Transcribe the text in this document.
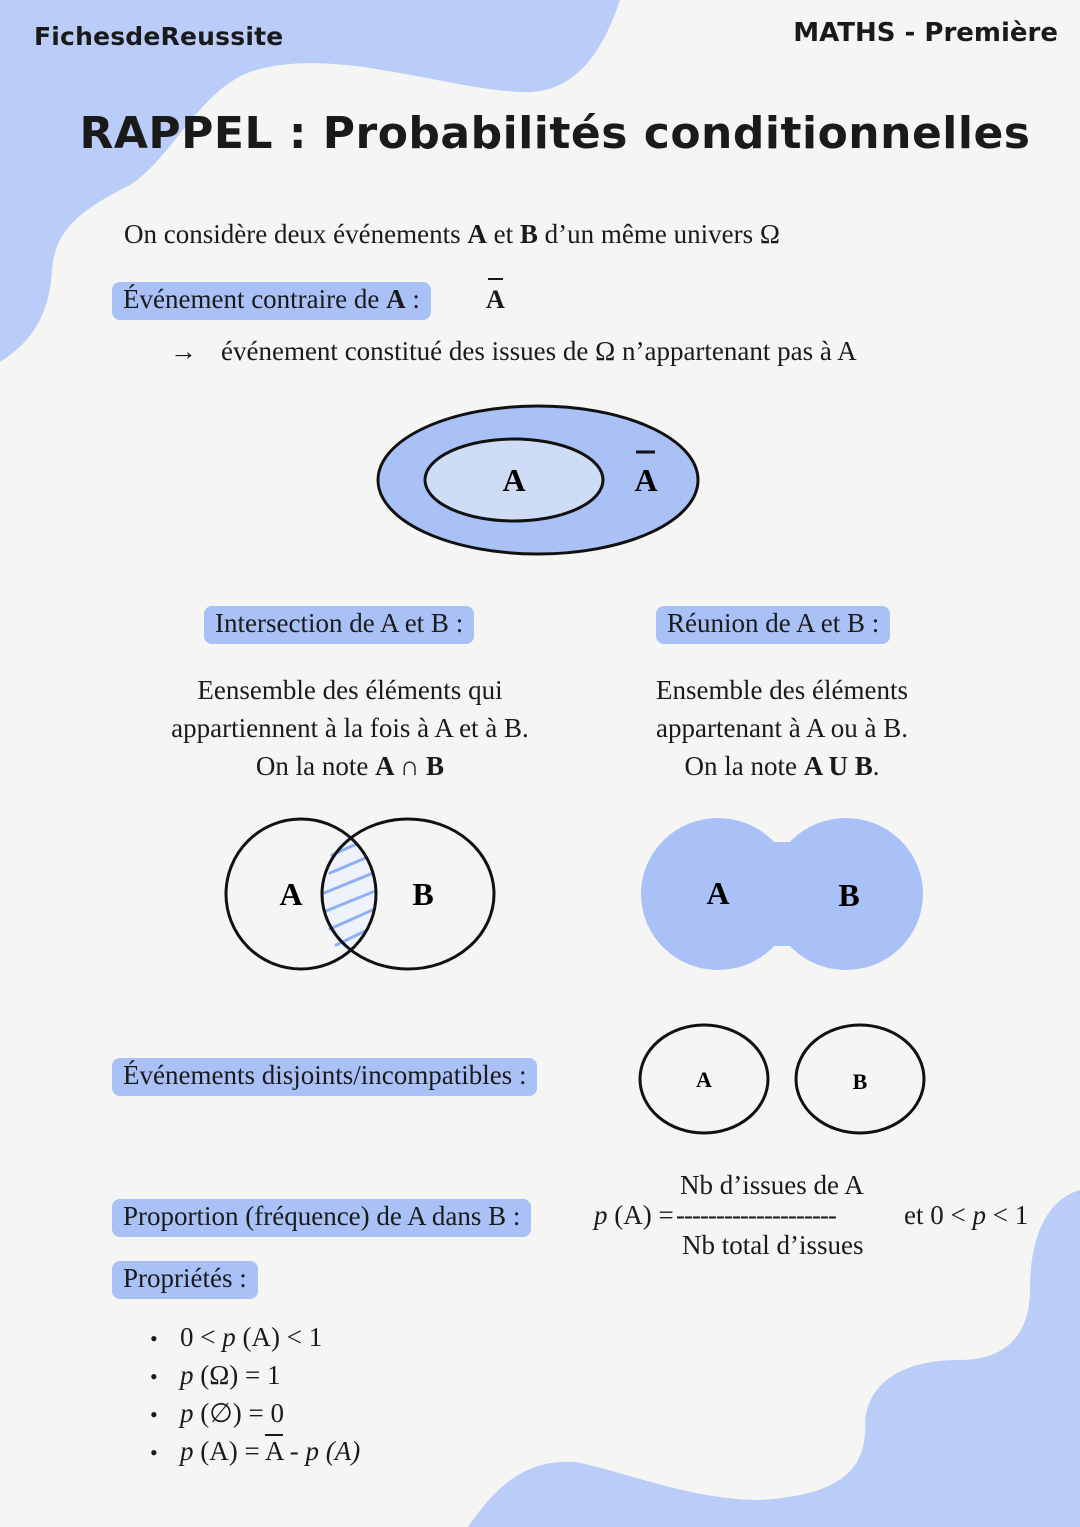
FichesdeReussite	MATHS - Première
RAPPEL : Probabilités conditionnelles
On considère deux événements A et B d’un même univers Ω
Événement contraire de A :	A
→ événement constitué des issues de Ω n’appartenant pas à A
A	A
Intersection de A et B :
Eensemble des éléments qui
appartiennent à la fois à A et à B.
On la note A ∩ B
A	B
Réunion de A et B :
Ensemble des éléments
appartenant à A ou à B.
On la note A U B.
A	B
Événements disjoints/incompatibles :	A	B
Proportion (fréquence) de A dans B :
Nb d’issues de A
p (A) = --------------------
Nb total d’issues
et 0 < p < 1
Propriétés :
• 0 < p (A) < 1
• p (Ω) = 1
• p (∅) = 0
• p $(A) = \overline{A} - p$ (A)
